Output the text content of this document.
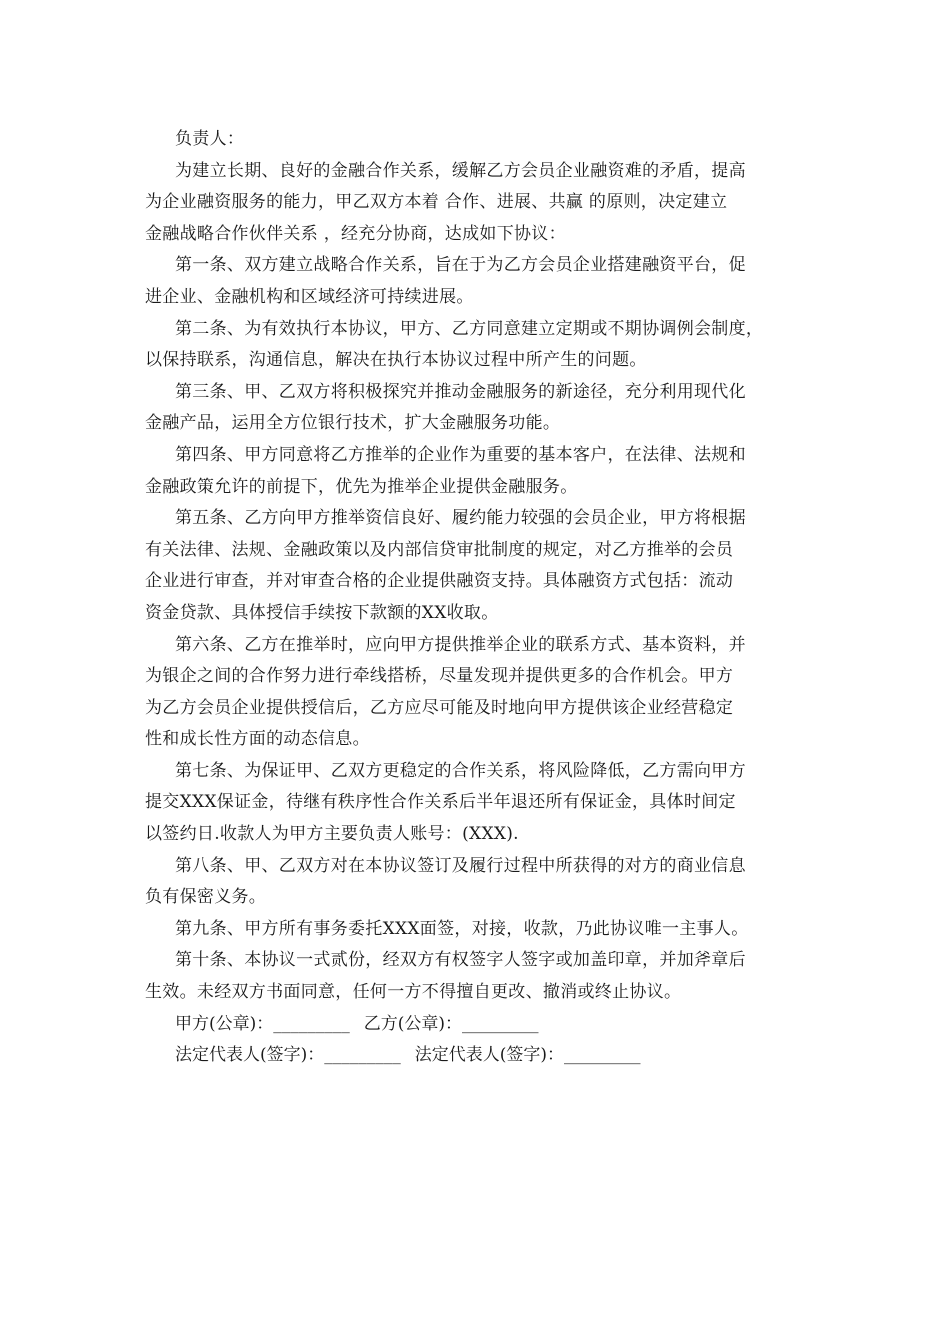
负责人：

为建立长期、良好的金融合作关系，缓解乙方会员企业融资难的矛盾，提高
为企业融资服务的能力，甲乙双方本着 合作、进展、共赢 的原则，决定建立
金融战略合作伙伴关系 ，经充分协商，达成如下协议：

第一条、双方建立战略合作关系，旨在于为乙方会员企业搭建融资平台，促
进企业、金融机构和区域经济可持续进展。

第二条、为有效执行本协议，甲方、乙方同意建立定期或不期协调例会制度，
以保持联系，沟通信息，解决在执行本协议过程中所产生的问题。

第三条、甲、乙双方将积极探究并推动金融服务的新途径，充分利用现代化
金融产品，运用全方位银行技术，扩大金融服务功能。

第四条、甲方同意将乙方推举的企业作为重要的基本客户，在法律、法规和
金融政策允许的前提下，优先为推举企业提供金融服务。

第五条、乙方向甲方推举资信良好、履约能力较强的会员企业，甲方将根据
有关法律、法规、金融政策以及内部信贷审批制度的规定，对乙方推举的会员
企业进行审查，并对审查合格的企业提供融资支持。具体融资方式包括：流动
资金贷款、具体授信手续按下款额的XX收取。

第六条、乙方在推举时，应向甲方提供推举企业的联系方式、基本资料，并
为银企之间的合作努力进行牵线搭桥，尽量发现并提供更多的合作机会。甲方
为乙方会员企业提供授信后，乙方应尽可能及时地向甲方提供该企业经营稳定
性和成长性方面的动态信息。

第七条、为保证甲、乙双方更稳定的合作关系，将风险降低，乙方需向甲方
提交XXX保证金，待继有秩序性合作关系后半年退还所有保证金，具体时间定
以签约日.收款人为甲方主要负责人账号：(XXX).

第八条、甲、乙双方对在本协议签订及履行过程中所获得的对方的商业信息
负有保密义务。

第九条、甲方所有事务委托XXX面签，对接，收款，乃此协议唯一主事人。

第十条、本协议一式贰份，经双方有权签字人签字或加盖印章，并加斧章后
生效。未经双方书面同意，任何一方不得擅自更改、撤消或终止协议。

甲方(公章)：_________ 乙方(公章)：_________

法定代表人(签字)：_________ 法定代表人(签字)：_________
